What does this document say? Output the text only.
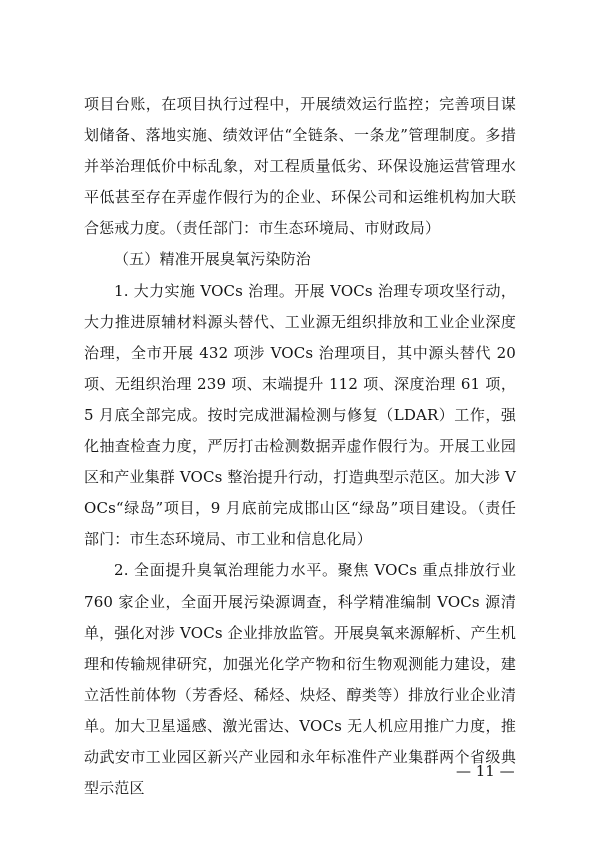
项目台账，在项目执行过程中，开展绩效运行监控；完善项目谋划储备、落地实施、绩效评估“全链条、一条龙”管理制度。多措并举治理低价中标乱象，对工程质量低劣、环保设施运营管理水平低甚至存在弄虚作假行为的企业、环保公司和运维机构加大联合惩戒力度。（责任部门：市生态环境局、市财政局）

（五）精准开展臭氧污染防治

1. 大力实施 VOCs 治理。开展 VOCs 治理专项攻坚行动，大力推进原辅材料源头替代、工业源无组织排放和工业企业深度治理，全市开展 432 项涉 VOCs 治理项目，其中源头替代 20 项、无组织治理 239 项、末端提升 112 项、深度治理 61 项，5 月底全部完成。按时完成泄漏检测与修复（LDAR）工作，强化抽查检查力度，严厉打击检测数据弄虚作假行为。开展工业园区和产业集群 VOCs 整治提升行动，打造典型示范区。加大涉 VOCs“绿岛”项目，9 月底前完成邯山区“绿岛”项目建设。（责任部门：市生态环境局、市工业和信息化局）

2. 全面提升臭氧治理能力水平。聚焦 VOCs 重点排放行业 760 家企业，全面开展污染源调查，科学精准编制 VOCs 源清单，强化对涉 VOCs 企业排放监管。开展臭氧来源解析、产生机理和传输规律研究，加强光化学产物和衍生物观测能力建设，建立活性前体物（芳香烃、稀烃、炔烃、醇类等）排放行业企业清单。加大卫星遥感、激光雷达、VOCs 无人机应用推广力度，推动武安市工业园区新兴产业园和永年标准件产业集群两个省级典型示范区

— 11 —
